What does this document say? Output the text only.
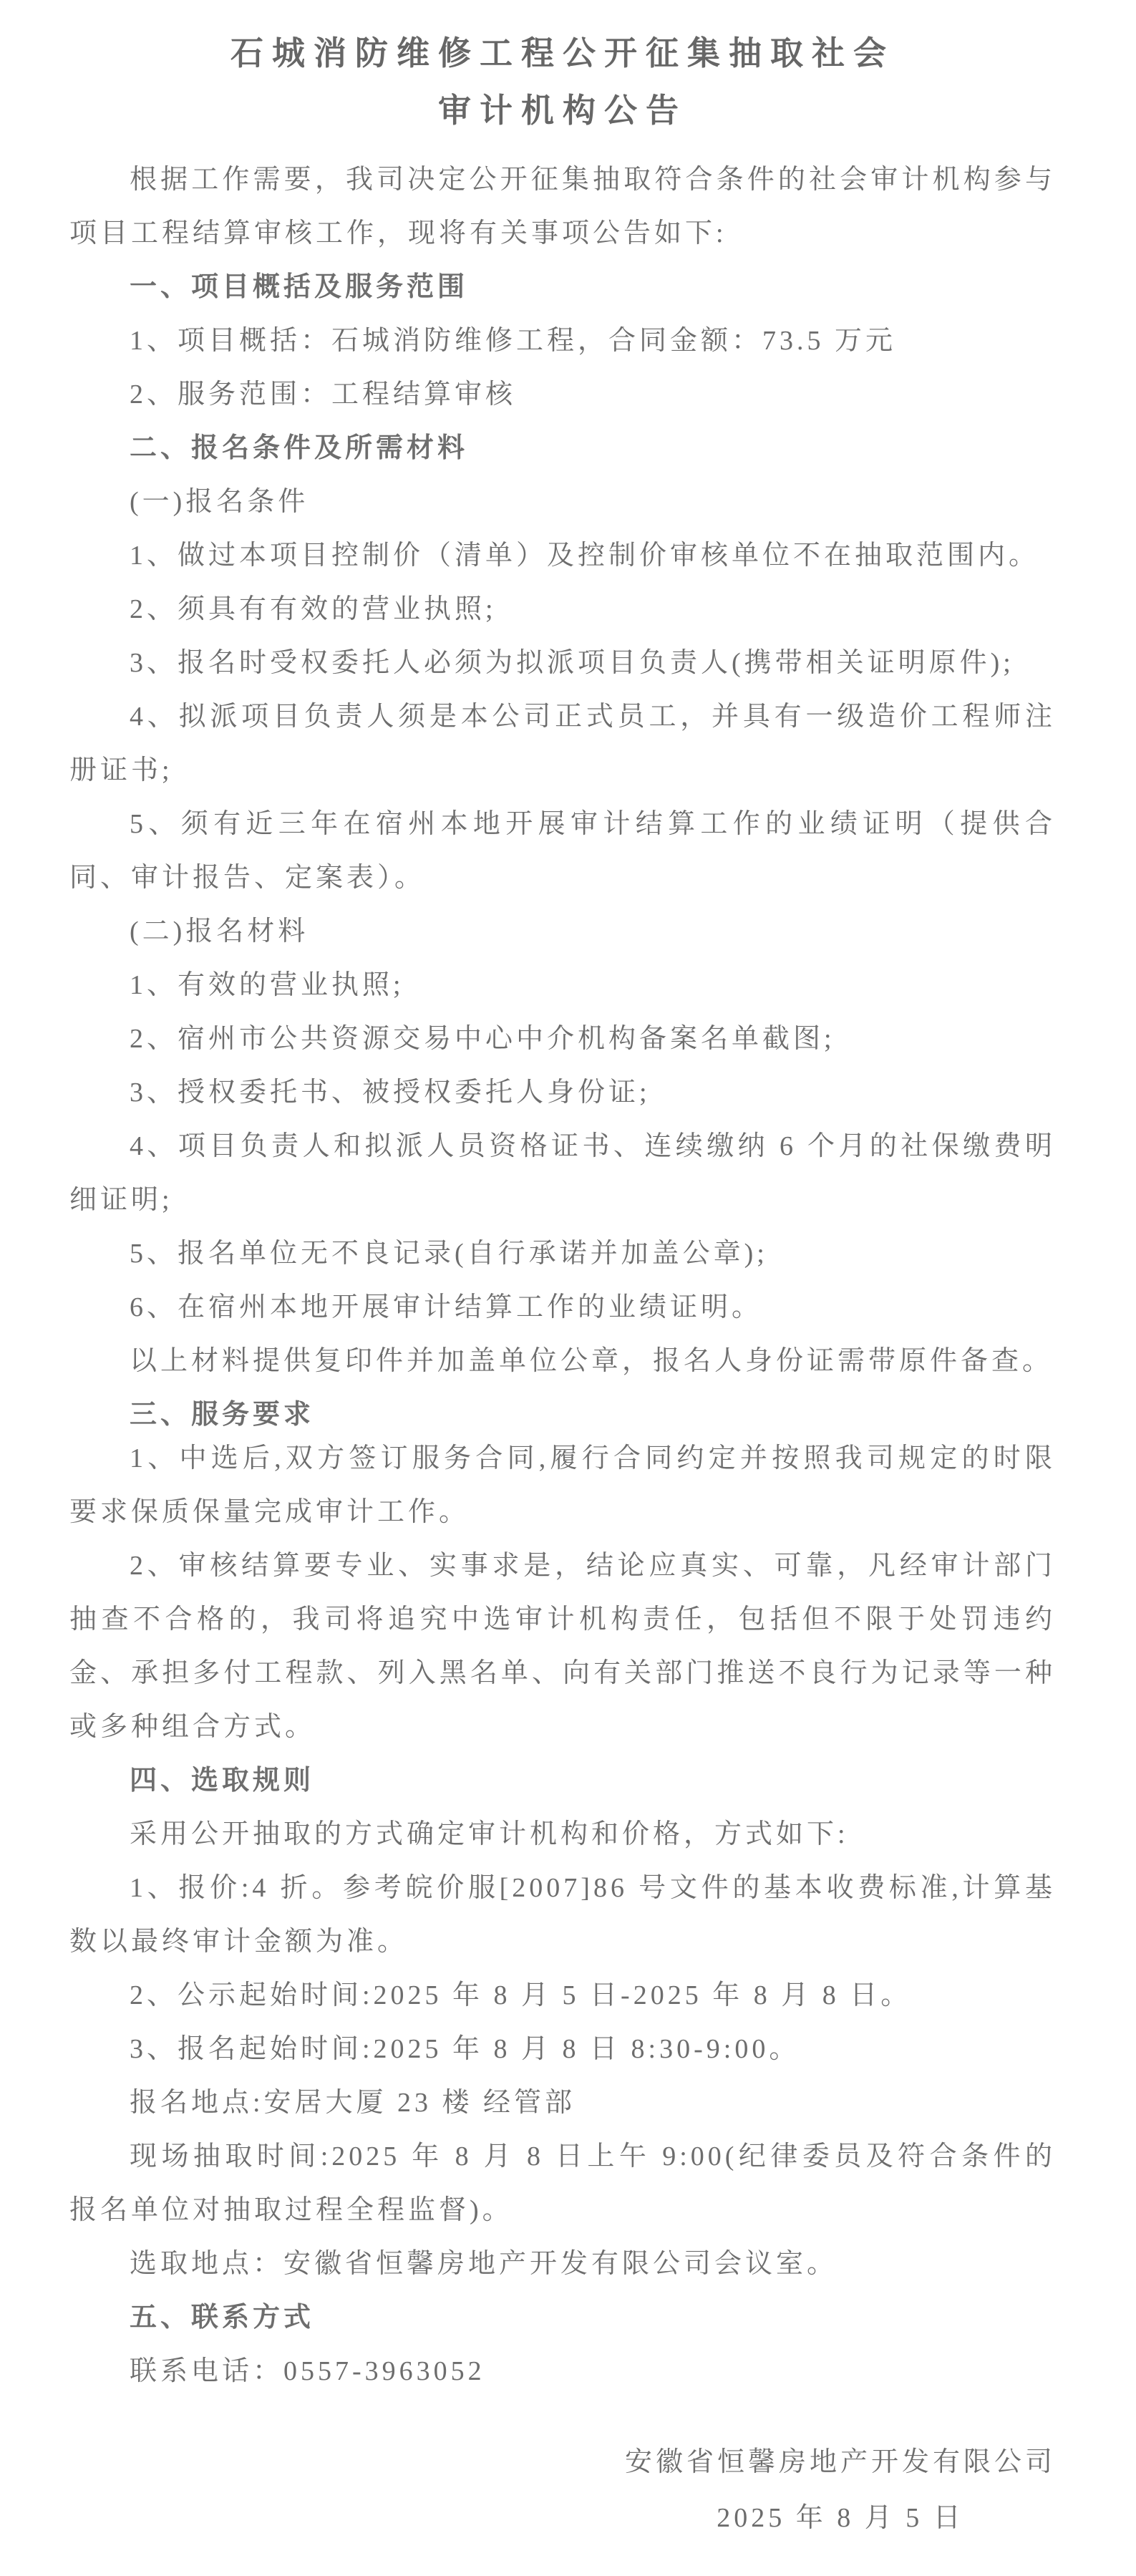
石城消防维修工程公开征集抽取社会
审计机构公告

根据工作需要，我司决定公开征集抽取符合条件的社会审计机构参与项目工程结算审核工作，现将有关事项公告如下:

一、项目概括及服务范围

1、项目概括：石城消防维修工程，合同金额：73.5 万元

2、服务范围：工程结算审核

二、报名条件及所需材料

(一)报名条件

1、做过本项目控制价（清单）及控制价审核单位不在抽取范围内。

2、须具有有效的营业执照;

3、报名时受权委托人必须为拟派项目负责人(携带相关证明原件);

4、拟派项目负责人须是本公司正式员工，并具有一级造价工程师注册证书;

5、须有近三年在宿州本地开展审计结算工作的业绩证明（提供合同、审计报告、定案表）。

(二)报名材料

1、有效的营业执照;

2、宿州市公共资源交易中心中介机构备案名单截图;

3、授权委托书、被授权委托人身份证;

4、项目负责人和拟派人员资格证书、连续缴纳 6 个月的社保缴费明细证明;

5、报名单位无不良记录(自行承诺并加盖公章);

6、在宿州本地开展审计结算工作的业绩证明。

以上材料提供复印件并加盖单位公章，报名人身份证需带原件备查。

三、服务要求

1、中选后,双方签订服务合同,履行合同约定并按照我司规定的时限要求保质保量完成审计工作。

2、审核结算要专业、实事求是，结论应真实、可靠，凡经审计部门抽查不合格的，我司将追究中选审计机构责任，包括但不限于处罚违约金、承担多付工程款、列入黑名单、向有关部门推送不良行为记录等一种或多种组合方式。

四、选取规则

采用公开抽取的方式确定审计机构和价格，方式如下:

1、报价:4 折。参考皖价服[2007]86 号文件的基本收费标准,计算基数以最终审计金额为准。

2、公示起始时间:2025 年 8 月 5 日-2025 年 8 月 8 日。

3、报名起始时间:2025 年 8 月 8 日 8:30-9:00。

报名地点:安居大厦 23 楼 经管部

现场抽取时间:2025 年 8 月 8 日上午 9:00(纪律委员及符合条件的报名单位对抽取过程全程监督)。

选取地点：安徽省恒馨房地产开发有限公司会议室。

五、联系方式

联系电话：0557-3963052

安徽省恒馨房地产开发有限公司
2025 年 8 月 5 日
